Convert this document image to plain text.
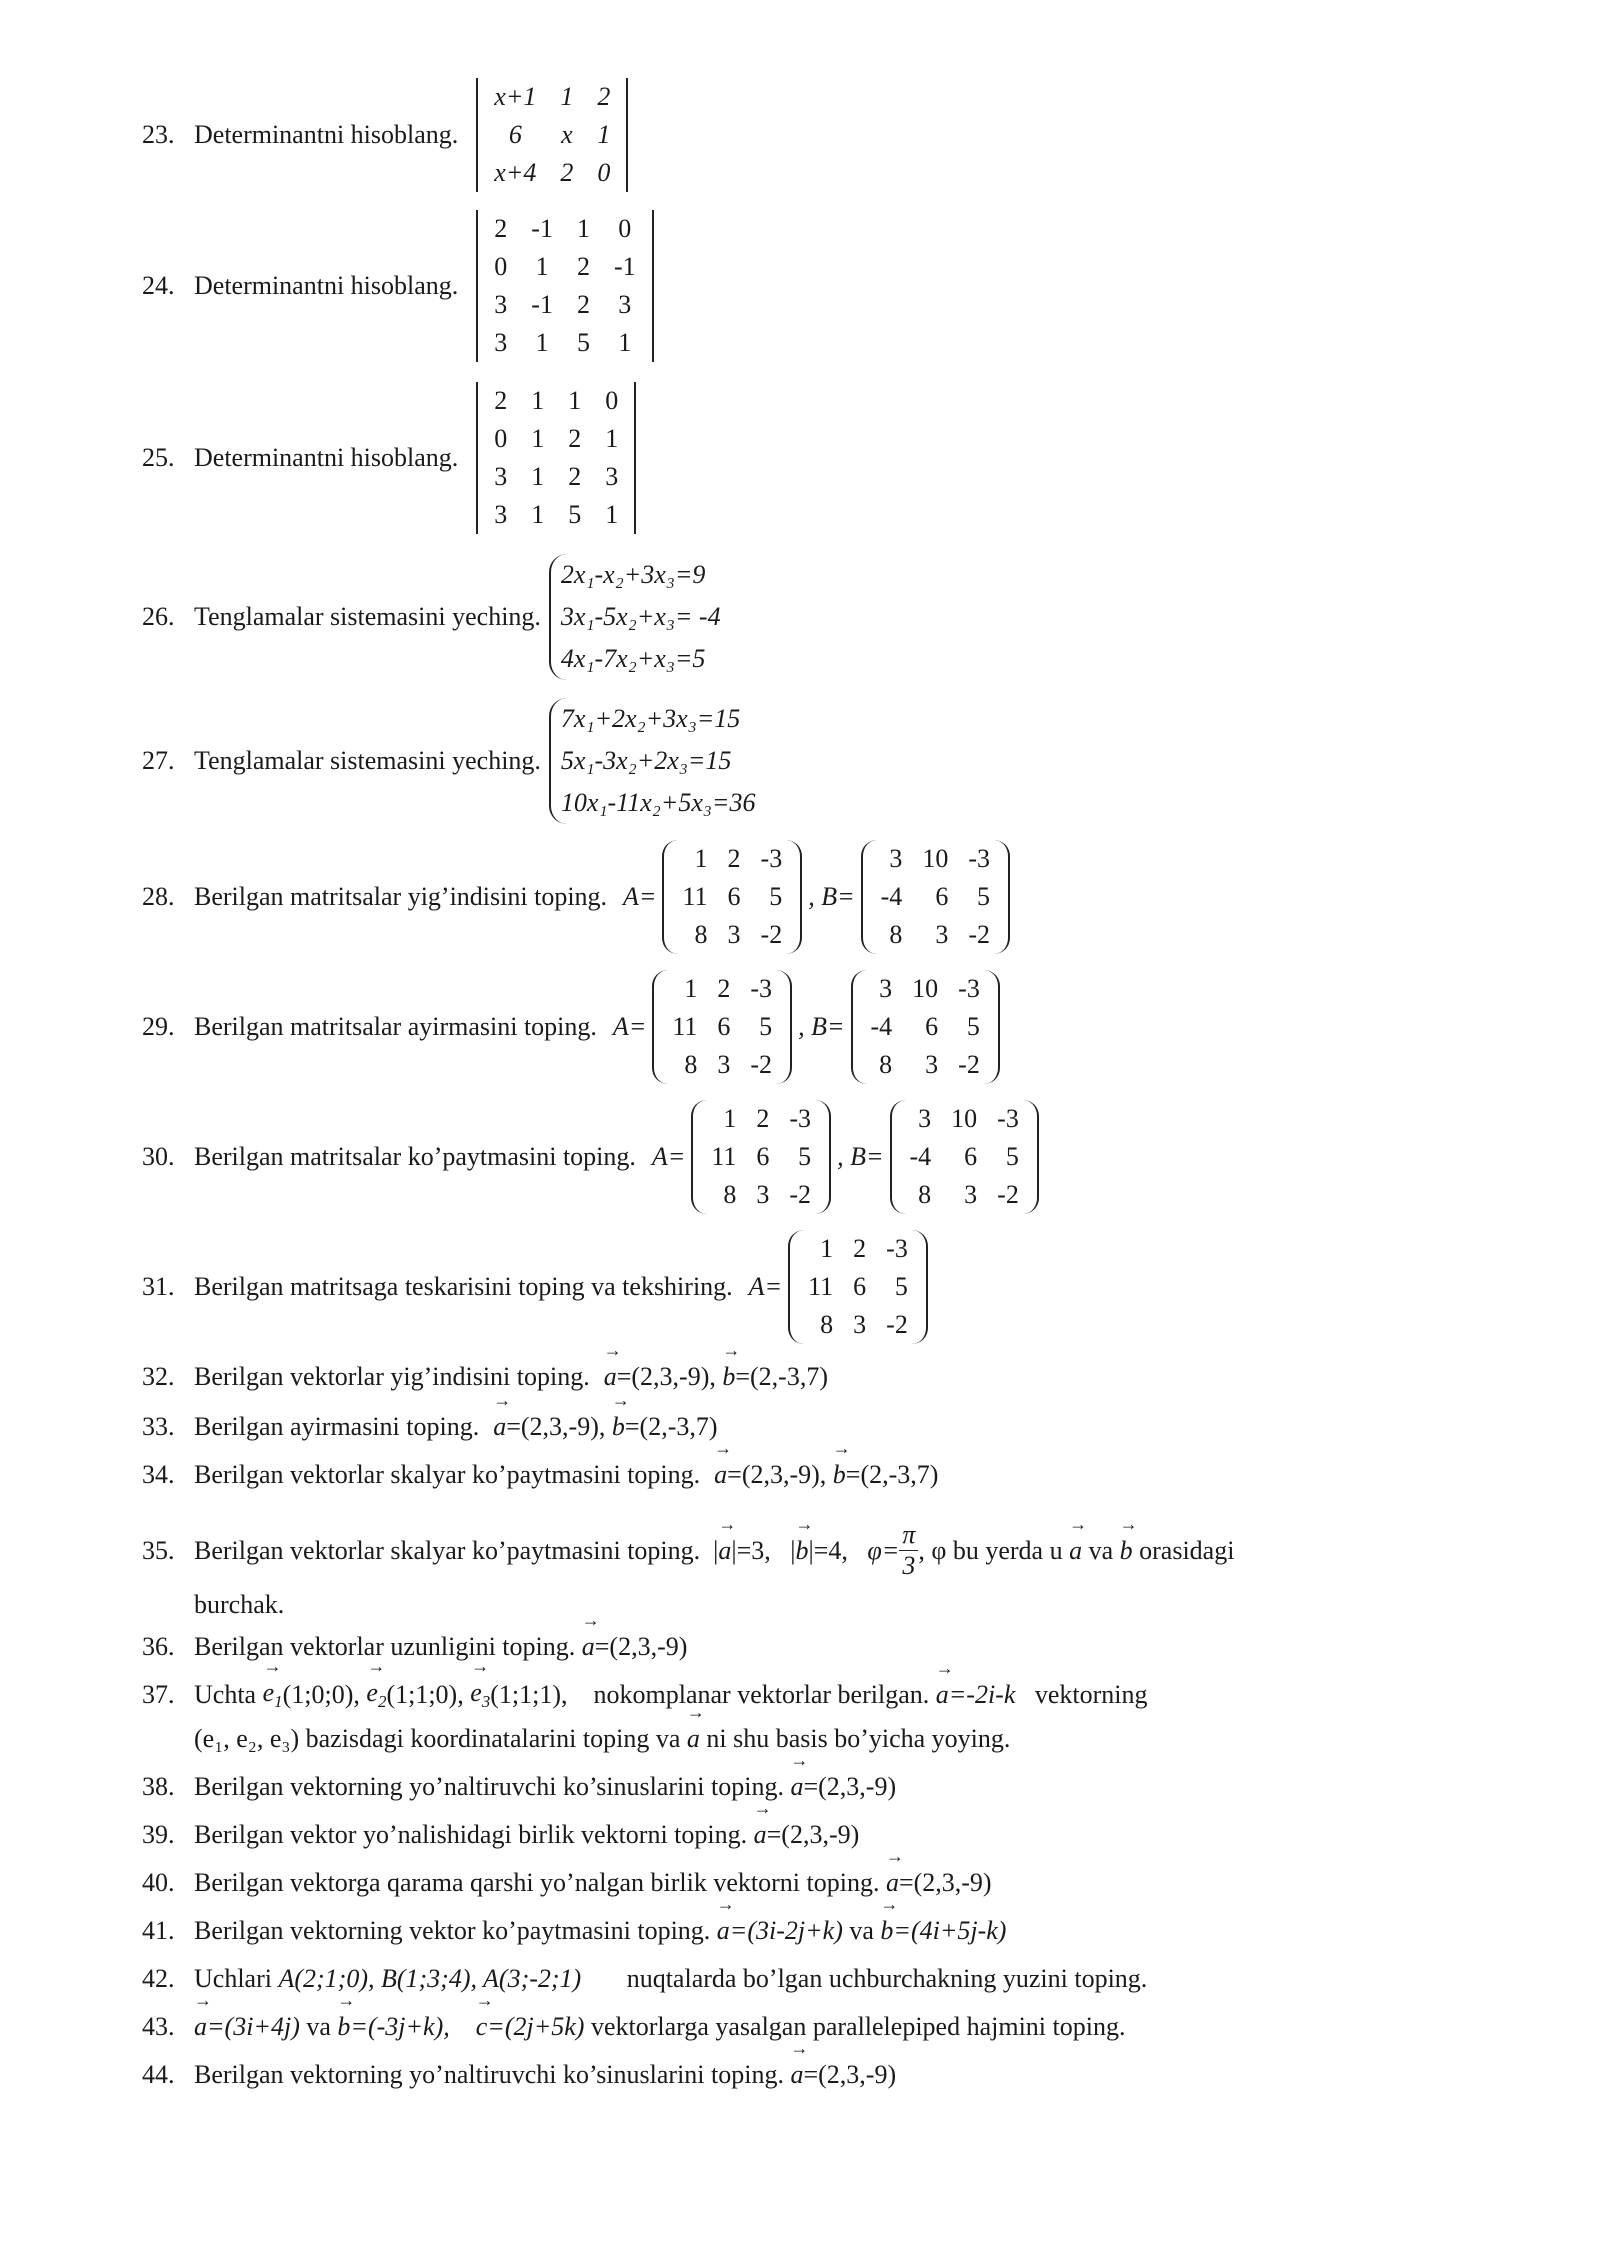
23. Determinantni hisoblang.
x+1 1 2
6	x 1
x+4 2 0
24. Determinantni hisoblang.
2 -1 1	0
0	1	2 -1
3 -1 2	3
3	1	5	1
25. Determinantni hisoblang.
2 1 1 0
0 1 2 1
3 1 2 3
3 1 5 1
26. Tenglamalar sistemasini yeching.
2x₁-x₂+3x₃=9
3x₁-5x₂+x₃= -4
4x₁-7x₂+x₃=5
27. Tenglamalar sistemasini yeching.
7x₁+2x₂+3x₃=15
5x₁-3x₂+2x₃=15
10x₁-11x₂+5x₃=36
28. Berilgan matritsalar yig’indisini toping. A=
1 2 -3
11 6	5
8 3 -2
, B=
3 10 -3
-4	6	5
8	3 -2
29. Berilgan matritsalar ayirmasini toping. A=
1 2 -3
11 6	5
8 3 -2
, B=
3 10 -3
-4	6	5
8	3 -2
30. Berilgan matritsalar ko’paytmasini toping. A=
1 2 -3
11 6	5
8 3 -2
, B=
3 10 -3
-4	6	5
8	3 -2
31. Berilgan matritsaga teskarisini toping va tekshiring. A=
1 2 -3
11 6	5
8 3 -2
32. Berilgan vektorlar yig’indisini toping. → a =(2,3,-9) , → b =(2,-3,7)
33. Berilgan ayirmasini toping. → a =(2,3,-9) , → b =(2,-3,7)
34. Berilgan vektorlar skalyar ko’paytmasini toping. → a =(2,3,-9) , → b =(2,-3,7)
35. Berilgan vektorlar skalyar ko’paytmasini toping. | → a | =3, | → b | =4,
$\varphi= \frac{\pi}{3}$ , φ bu yerda u
→ a
va
→ b
orasidagi
burchak.
36. Berilgan vektorlar uzunligini toping.
→ a =(2,3,-9)
37. Uchta
→ $e_1$ (1;0;0),
→ $e_2$ (1;1;0),
→ $e_3$ (1;1;1),
nokomplanar vektorlar berilgan.
→ a =-2i-k
vektorning
(e₁, e₂, e₃) bazisdagi koordinatalarini toping va → a ni shu basis bo’yicha yoying.
38. Berilgan vektorning yo’naltiruvchi ko’sinuslarini toping.
→ a =(2,3,-9)
39. Berilgan vektor yo’nalishidagi birlik vektorni toping.
→ a =(2,3,-9)
40. Berilgan vektorga qarama qarshi yo’nalgan birlik vektorni toping.
→ a =(2,3,-9)
41. Berilgan vektorning vektor ko’paytmasini toping.
→ a =(3i-2j+k)
va
→ b =(4i+5j-k)
42. Uchlari
A(2;1;0), B(1;3;4), A(3;-2;1)
nuqtalarda bo’lgan uchburchakning yuzini toping.
43. → a =(3i+4j)
va
→ b =(-3j+k),
→ c =(2j+5k)
vektorlarga yasalgan parallelepiped hajmini toping.
44. Berilgan vektorning yo’naltiruvchi ko’sinuslarini toping.
→ a =(2,3,-9)
